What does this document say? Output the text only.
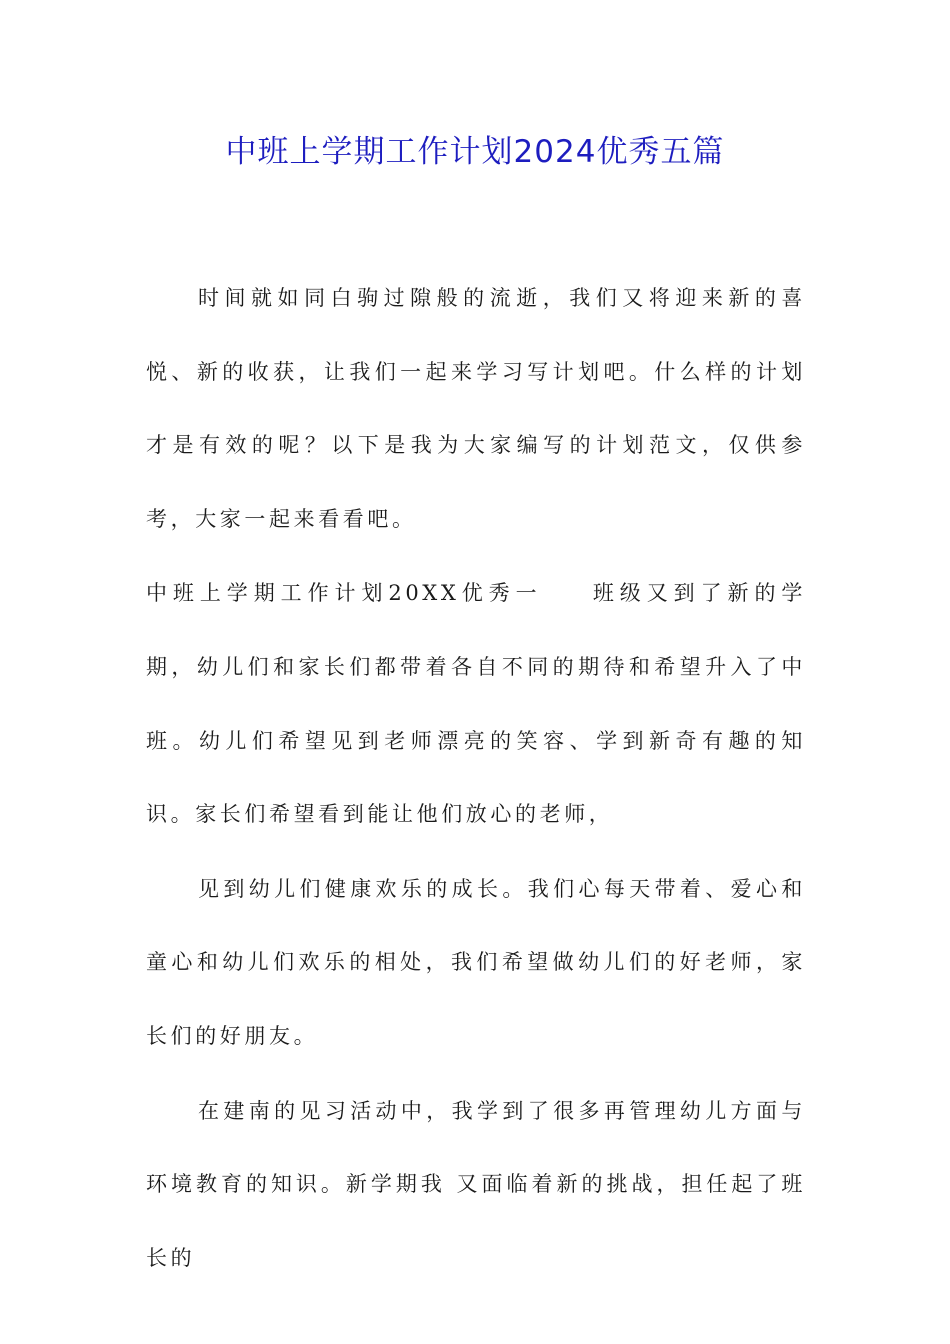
中班上学期工作计划2024优秀五篇

时间就如同白驹过隙般的流逝，我们又将迎来新的喜悦、新的收获，让我们一起来学习写计划吧。什么样的计划才是有效的呢？以下是我为大家编写的计划范文，仅供参考，大家一起来看看吧。

中班上学期工作计划20XX优秀一 班级又到了新的学期，幼儿们和家长们都带着各自不同的期待和希望升入了中班。幼儿们希望见到老师漂亮的笑容、学到新奇有趣的知识。家长们希望看到能让他们放心的老师，

见到幼儿们健康欢乐的成长。我们心每天带着、爱心和童心和幼儿们欢乐的相处，我们希望做幼儿们的好老师，家长们的好朋友。

在建南的见习活动中，我学到了很多再管理幼儿方面与环境教育的知识。新学期我 又面临着新的挑战，担任起了班长的
